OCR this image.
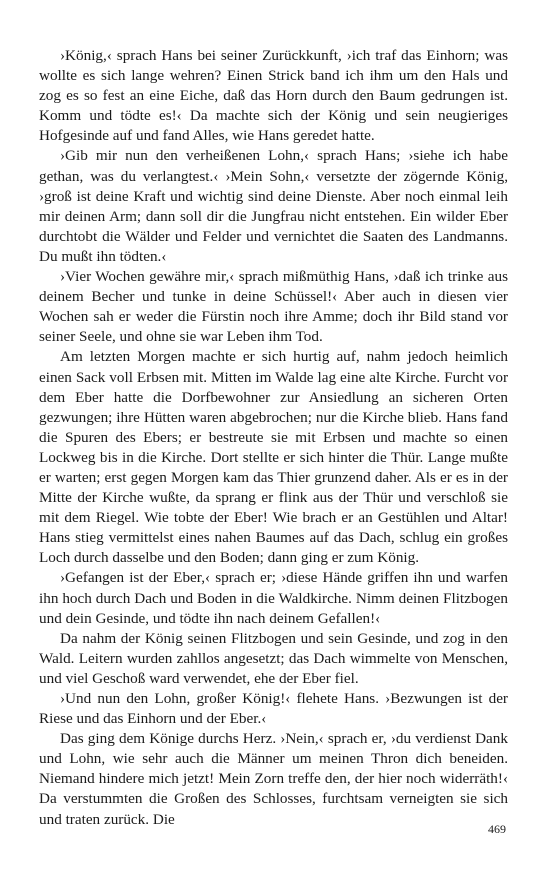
›König,‹ sprach Hans bei seiner Zurückkunft, ›ich traf das Einhorn; was wollte es sich lange wehren? Einen Strick band ich ihm um den Hals und zog es so fest an eine Eiche, daß das Horn durch den Baum gedrungen ist. Komm und tödte es!‹ Da machte sich der König und sein neugieriges Hofgesinde auf und fand Alles, wie Hans geredet hatte.

›Gib mir nun den verheißenen Lohn,‹ sprach Hans; ›siehe ich habe gethan, was du verlangtest.‹ ›Mein Sohn,‹ versetzte der zögernde König, ›groß ist deine Kraft und wichtig sind deine Dienste. Aber noch einmal leih mir deinen Arm; dann soll dir die Jungfrau nicht entstehen. Ein wilder Eber durchtobt die Wälder und Felder und vernichtet die Saaten des Landmanns. Du mußt ihn tödten.‹

›Vier Wochen gewähre mir,‹ sprach mißmüthig Hans, ›daß ich trinke aus deinem Becher und tunke in deine Schüssel!‹ Aber auch in diesen vier Wochen sah er weder die Fürstin noch ihre Amme; doch ihr Bild stand vor seiner Seele, und ohne sie war Leben ihm Tod.

Am letzten Morgen machte er sich hurtig auf, nahm jedoch heimlich einen Sack voll Erbsen mit. Mitten im Walde lag eine alte Kirche. Furcht vor dem Eber hatte die Dorfbewohner zur Ansiedlung an sicheren Orten gezwungen; ihre Hütten waren abgebrochen; nur die Kirche blieb. Hans fand die Spuren des Ebers; er bestreute sie mit Erbsen und machte so einen Lockweg bis in die Kirche. Dort stellte er sich hinter die Thür. Lange mußte er warten; erst gegen Morgen kam das Thier grunzend daher. Als er es in der Mitte der Kirche wußte, da sprang er flink aus der Thür und verschloß sie mit dem Riegel. Wie tobte der Eber! Wie brach er an Gestühlen und Altar! Hans stieg vermittelst eines nahen Baumes auf das Dach, schlug ein großes Loch durch dasselbe und den Boden; dann ging er zum König.

›Gefangen ist der Eber,‹ sprach er; ›diese Hände griffen ihn und warfen ihn hoch durch Dach und Boden in die Waldkirche. Nimm deinen Flitzbogen und dein Gesinde, und tödte ihn nach deinem Gefallen!‹

Da nahm der König seinen Flitzbogen und sein Gesinde, und zog in den Wald. Leitern wurden zahllos angesetzt; das Dach wimmelte von Menschen, und viel Geschoß ward verwendet, ehe der Eber fiel.

›Und nun den Lohn, großer König!‹ flehete Hans. ›Bezwungen ist der Riese und das Einhorn und der Eber.‹

Das ging dem Könige durchs Herz. ›Nein,‹ sprach er, ›du verdienst Dank und Lohn, wie sehr auch die Männer um meinen Thron dich beneiden. Niemand hindere mich jetzt! Mein Zorn treffe den, der hier noch widerräth!‹ Da verstummten die Großen des Schlosses, furchtsam verneigten sie sich und traten zurück. Die

469
